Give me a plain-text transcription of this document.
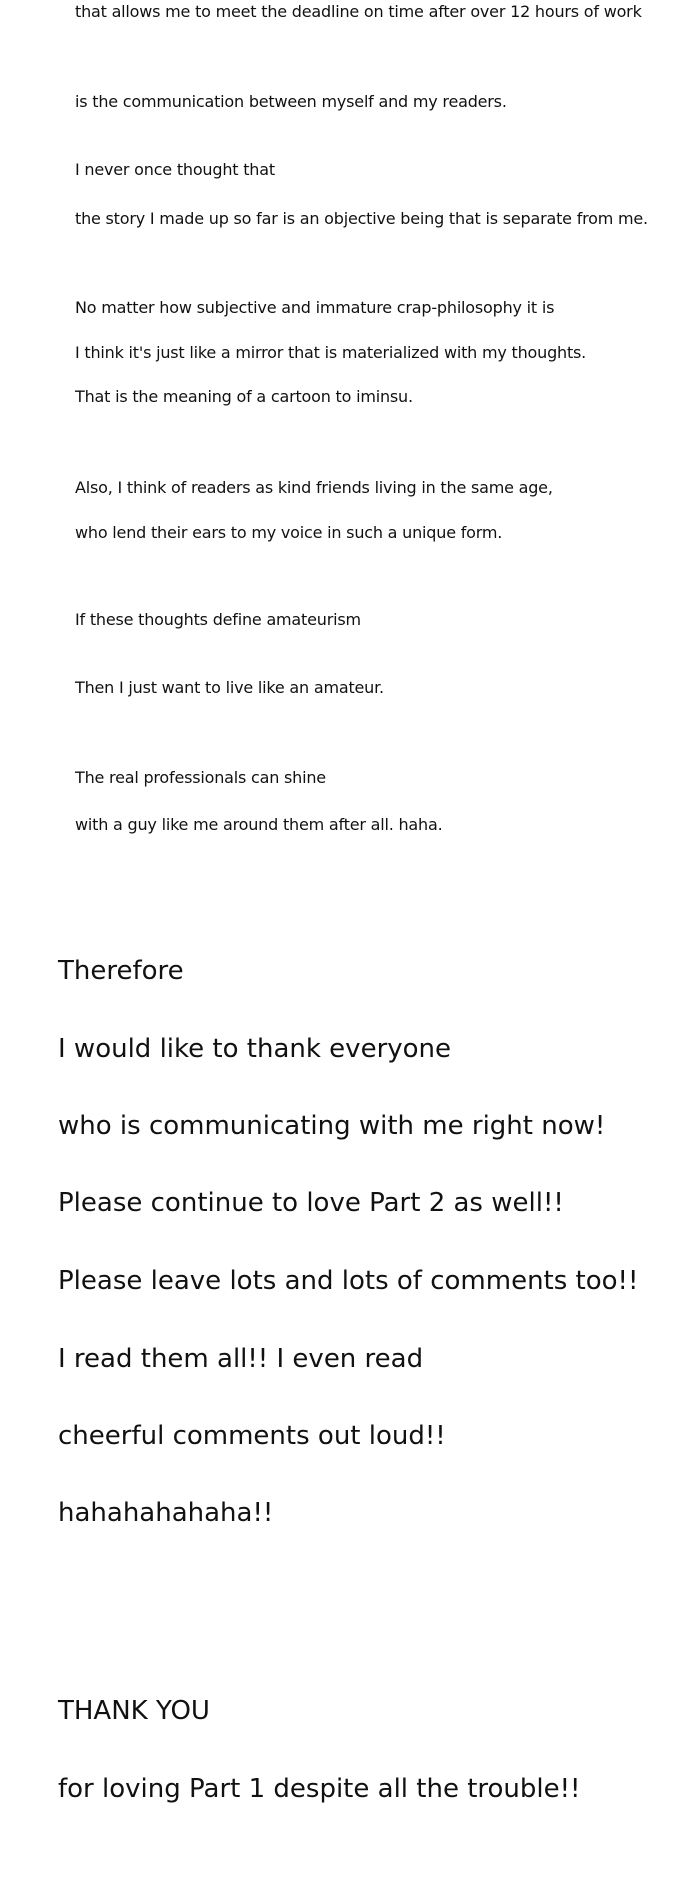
that allows me to meet the deadline on time after over 12 hours of work
is the communication between myself and my readers.
I never once thought that
the story I made up so far is an objective being that is separate from me.
No matter how subjective and immature crap-philosophy it is
I think it's just like a mirror that is materialized with my thoughts.
That is the meaning of a cartoon to iminsu.
Also, I think of readers as kind friends living in the same age,
who lend their ears to my voice in such a unique form.
If these thoughts define amateurism
Then I just want to live like an amateur.
The real professionals can shine
with a guy like me around them after all. haha.
Therefore
I would like to thank everyone
who is communicating with me right now!
Please continue to love Part 2 as well!!
Please leave lots and lots of comments too!!
I read them all!! I even read
cheerful comments out loud!!
hahahahahaha!!
THANK YOU
for loving Part 1 despite all the trouble!!
